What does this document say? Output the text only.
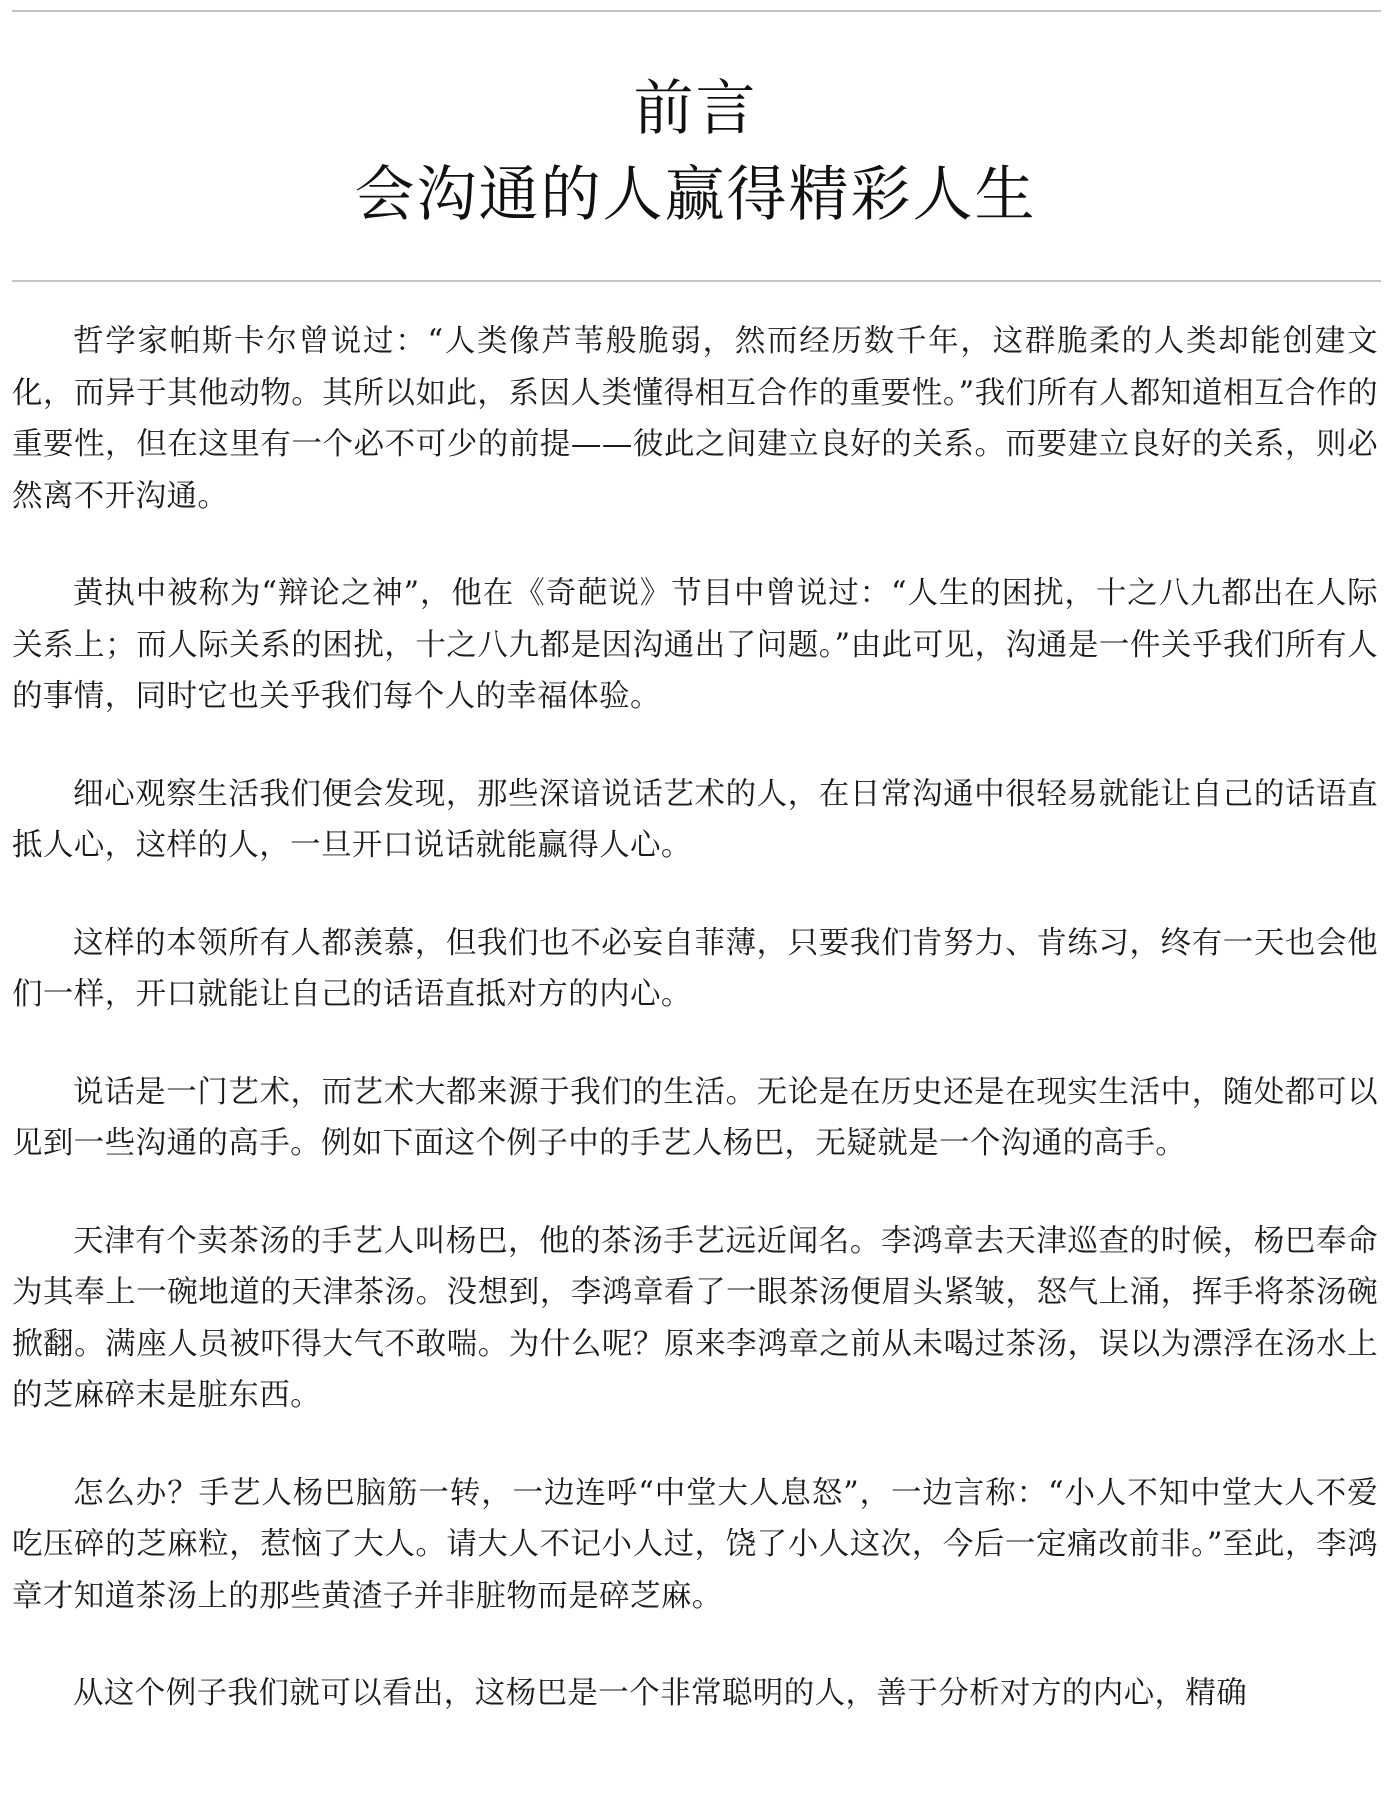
前言
会沟通的人赢得精彩人生

哲学家帕斯卡尔曾说过：“人类像芦苇般脆弱，然而经历数千年，这群脆柔的人类却能创建文化，而异于其他动物。其所以如此，系因人类懂得相互合作的重要性。”我们所有人都知道相互合作的重要性，但在这里有一个必不可少的前提——彼此之间建立良好的关系。而要建立良好的关系，则必然离不开沟通。

黄执中被称为“辩论之神”，他在《奇葩说》节目中曾说过：“人生的困扰，十之八九都出在人际关系上；而人际关系的困扰，十之八九都是因沟通出了问题。”由此可见，沟通是一件关乎我们所有人的事情，同时它也关乎我们每个人的幸福体验。

细心观察生活我们便会发现，那些深谙说话艺术的人，在日常沟通中很轻易就能让自己的话语直抵人心，这样的人，一旦开口说话就能赢得人心。

这样的本领所有人都羡慕，但我们也不必妄自菲薄，只要我们肯努力、肯练习，终有一天也会他们一样，开口就能让自己的话语直抵对方的内心。

说话是一门艺术，而艺术大都来源于我们的生活。无论是在历史还是在现实生活中，随处都可以见到一些沟通的高手。例如下面这个例子中的手艺人杨巴，无疑就是一个沟通的高手。

天津有个卖茶汤的手艺人叫杨巴，他的茶汤手艺远近闻名。李鸿章去天津巡查的时候，杨巴奉命为其奉上一碗地道的天津茶汤。没想到，李鸿章看了一眼茶汤便眉头紧皱，怒气上涌，挥手将茶汤碗掀翻。满座人员被吓得大气不敢喘。为什么呢？原来李鸿章之前从未喝过茶汤，误以为漂浮在汤水上的芝麻碎末是脏东西。

怎么办？手艺人杨巴脑筋一转，一边连呼“中堂大人息怒”，一边言称：“小人不知中堂大人不爱吃压碎的芝麻粒，惹恼了大人。请大人不记小人过，饶了小人这次，今后一定痛改前非。”至此，李鸿章才知道茶汤上的那些黄渣子并非脏物而是碎芝麻。

从这个例子我们就可以看出，这杨巴是一个非常聪明的人，善于分析对方的内心，精确
